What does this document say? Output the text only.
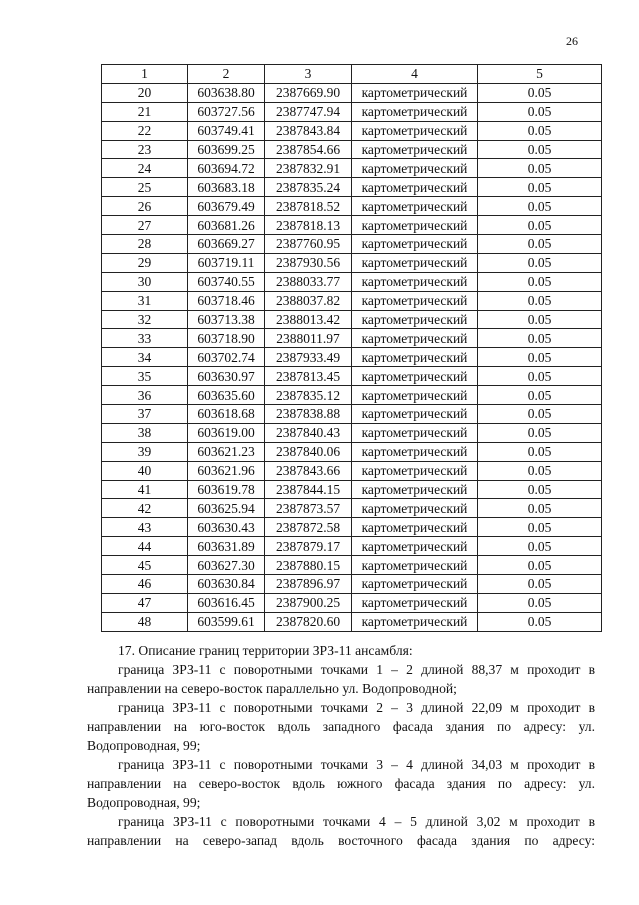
26
1	2	3	4	5
20	603638.80	2387669.90	картометрический	0.05
21	603727.56	2387747.94	картометрический	0.05
22	603749.41	2387843.84	картометрический	0.05
23	603699.25	2387854.66	картометрический	0.05
24	603694.72	2387832.91	картометрический	0.05
25	603683.18	2387835.24	картометрический	0.05
26	603679.49	2387818.52	картометрический	0.05
27	603681.26	2387818.13	картометрический	0.05
28	603669.27	2387760.95	картометрический	0.05
29	603719.11	2387930.56	картометрический	0.05
30	603740.55	2388033.77	картометрический	0.05
31	603718.46	2388037.82	картометрический	0.05
32	603713.38	2388013.42	картометрический	0.05
33	603718.90	2388011.97	картометрический	0.05
34	603702.74	2387933.49	картометрический	0.05
35	603630.97	2387813.45	картометрический	0.05
36	603635.60	2387835.12	картометрический	0.05
37	603618.68	2387838.88	картометрический	0.05
38	603619.00	2387840.43	картометрический	0.05
39	603621.23	2387840.06	картометрический	0.05
40	603621.96	2387843.66	картометрический	0.05
41	603619.78	2387844.15	картометрический	0.05
42	603625.94	2387873.57	картометрический	0.05
43	603630.43	2387872.58	картометрический	0.05
44	603631.89	2387879.17	картометрический	0.05
45	603627.30	2387880.15	картометрический	0.05
46	603630.84	2387896.97	картометрический	0.05
47	603616.45	2387900.25	картометрический	0.05
48	603599.61	2387820.60	картометрический	0.05

17. Описание границ территории ЗРЗ-11 ансамбля:

граница ЗРЗ-11 с поворотными точками 1 – 2 длиной 88,37 м проходит в направлении на северо-восток параллельно ул. Водопроводной;

граница ЗРЗ-11 с поворотными точками 2 – 3 длиной 22,09 м проходит в направлении на юго-восток вдоль западного фасада здания по адресу: ул. Водопроводная, 99;

граница ЗРЗ-11 с поворотными точками 3 – 4 длиной 34,03 м проходит в направлении на северо-восток вдоль южного фасада здания по адресу: ул. Водопроводная, 99;

граница ЗРЗ-11 с поворотными точками 4 – 5 длиной 3,02 м проходит в направлении на северо-запад вдоль восточного фасада здания по адресу:
